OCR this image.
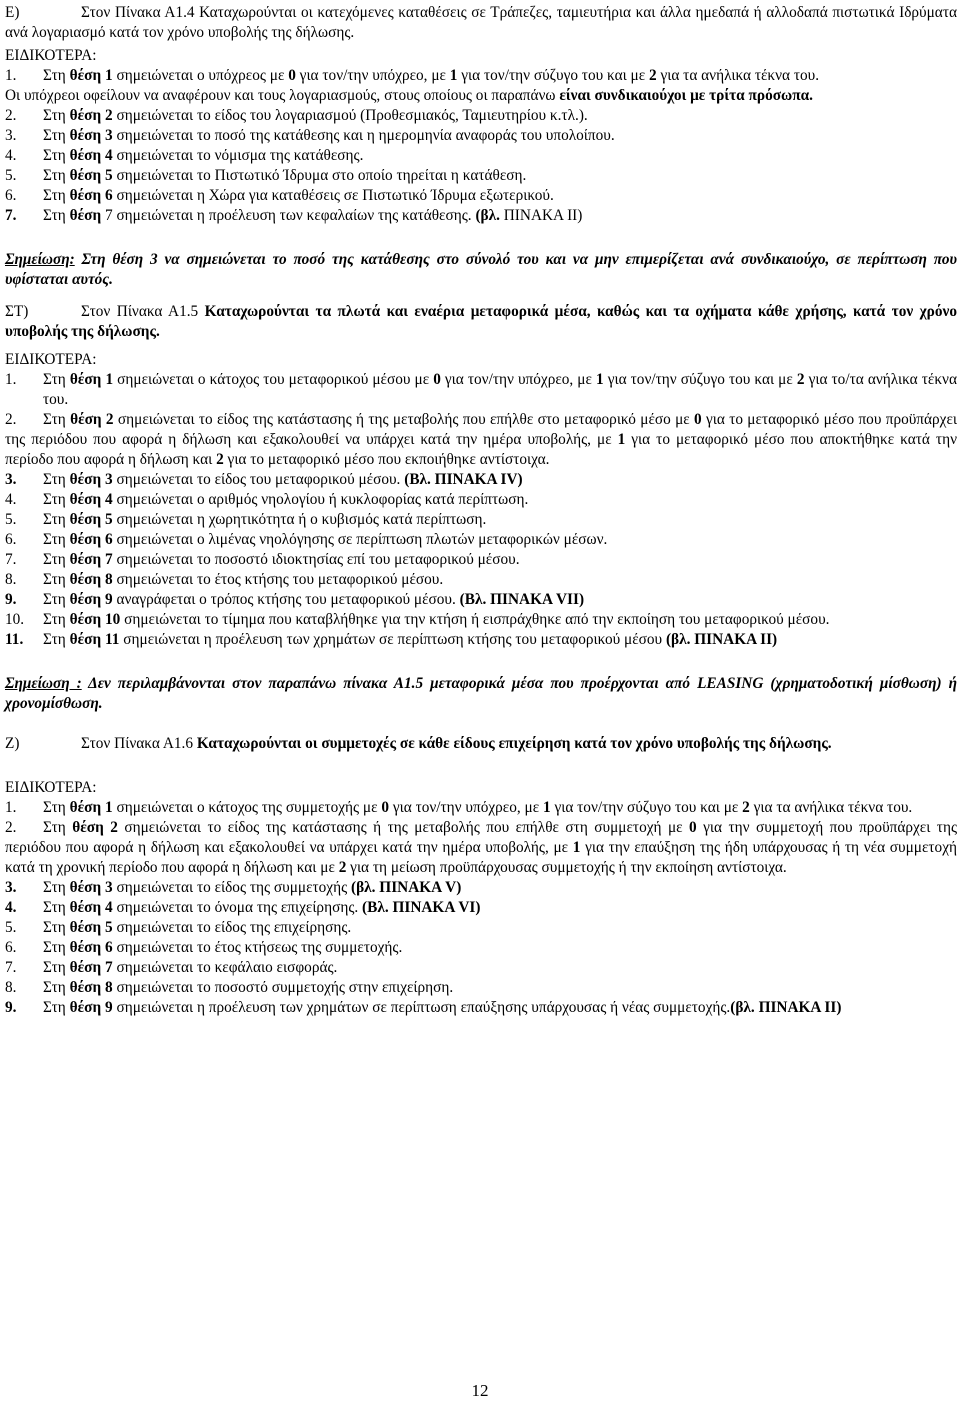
Ε)	Στον Πίνακα Α1.4 Καταχωρούνται οι κατεχόμενες καταθέσεις σε Τράπεζες, ταμιευτήρια και άλλα ημεδαπά ή αλλοδαπά πιστωτικά Ιδρύματα ανά λογαριασμό κατά τον χρόνο υποβολής της δήλωσης.

ΕΙΔΙΚΟΤΕΡΑ:

1.	Στη θέση 1 σημειώνεται ο υπόχρεος με 0 για τον/την υπόχρεο, με 1 για τον/την σύζυγο του και με 2 για τα ανήλικα τέκνα του.

Οι υπόχρεοι οφείλουν να αναφέρουν και τους λογαριασμούς, στους οποίους οι παραπάνω είναι συνδικαιούχοι με τρίτα πρόσωπα.

2.	Στη θέση 2 σημειώνεται το είδος του λογαριασμού (Προθεσμιακός, Ταμιευτηρίου κ.τλ.).
3.	Στη θέση 3 σημειώνεται το ποσό της κατάθεσης και η ημερομηνία αναφοράς του υπολοίπου.
4.	Στη θέση 4 σημειώνεται το νόμισμα της κατάθεσης.
5.	Στη θέση 5 σημειώνεται το Πιστωτικό Ίδρυμα στο οποίο τηρείται η κατάθεση.
6.	Στη θέση 6 σημειώνεται η Χώρα για καταθέσεις σε Πιστωτικό Ίδρυμα εξωτερικού.
7.	Στη θέση 7 σημειώνεται η προέλευση των κεφαλαίων της κατάθεσης. (βλ. ΠΙΝΑΚΑ ΙΙ)

Σημείωση: Στη θέση 3 να σημειώνεται το ποσό της κατάθεσης στο σύνολό του και να μην επιμερίζεται ανά συνδικαιούχο, σε περίπτωση που υφίσταται αυτός.

ΣΤ)	Στον Πίνακα Α1.5 Καταχωρούνται τα πλωτά και εναέρια μεταφορικά μέσα, καθώς και τα οχήματα κάθε χρήσης, κατά τον χρόνο υποβολής της δήλωσης.

ΕΙΔΙΚΟΤΕΡΑ:

1.	Στη θέση 1 σημειώνεται ο κάτοχος του μεταφορικού μέσου με 0 για τον/την υπόχρεο, με 1 για τον/την σύζυγο του και με 2 για το/τα ανήλικα τέκνα του.

2. Στη θέση 2 σημειώνεται το είδος της κατάστασης ή της μεταβολής που επήλθε στο μεταφορικό μέσο με 0 για το μεταφορικό μέσο που προϋπάρχει της περιόδου που αφορά η δήλωση και εξακολουθεί να υπάρχει κατά την ημέρα υποβολής, με 1 για το μεταφορικό μέσο που αποκτήθηκε κατά την περίοδο που αφορά η δήλωση και 2 για το μεταφορικό μέσο που εκποιήθηκε αντίστοιχα.

3.	Στη θέση 3 σημειώνεται το είδος του μεταφορικού μέσου. (Βλ. ΠΙΝΑΚΑ ΙV)
4.	Στη θέση 4 σημειώνεται ο αριθμός νηολογίου ή κυκλοφορίας κατά περίπτωση.
5.	Στη θέση 5 σημειώνεται η χωρητικότητα ή ο κυβισμός κατά περίπτωση.
6.	Στη θέση 6 σημειώνεται ο λιμένας νηολόγησης σε περίπτωση πλωτών μεταφορικών μέσων.
7.	Στη θέση 7 σημειώνεται το ποσοστό ιδιοκτησίας επί του μεταφορικού μέσου.
8.	Στη θέση 8 σημειώνεται το έτος κτήσης του μεταφορικού μέσου.
9.	Στη θέση 9 αναγράφεται ο τρόπος κτήσης του μεταφορικού μέσου. (Βλ. ΠΙΝΑΚΑ VII)

10. Στη θέση 10 σημειώνεται το τίμημα που καταβλήθηκε για την κτήση ή εισπράχθηκε από την εκποίηση του μεταφορικού μέσου.

11.	Στη θέση 11 σημειώνεται η προέλευση των χρημάτων σε περίπτωση κτήσης του μεταφορικού μέσου (βλ. ΠΙΝΑΚΑ ΙΙ)

Σημείωση : Δεν περιλαμβάνονται στον παραπάνω πίνακα Α1.5 μεταφορικά μέσα που προέρχονται από LEASING (χρηματοδοτική μίσθωση) ή χρονομίσθωση.

Ζ)	Στον Πίνακα Α1.6 Καταχωρούνται οι συμμετοχές σε κάθε είδους επιχείρηση κατά τον χρόνο υποβολής της δήλωσης.

ΕΙΔΙΚΟΤΕΡΑ:

1.	Στη θέση 1 σημειώνεται ο κάτοχος της συμμετοχής με 0 για τον/την υπόχρεο, με 1 για τον/την σύζυγο του και με 2 για τα ανήλικα τέκνα του.

2. Στη θέση 2 σημειώνεται το είδος της κατάστασης ή της μεταβολής που επήλθε στη συμμετοχή με 0 για την συμμετοχή που προϋπάρχει της περιόδου που αφορά η δήλωση και εξακολουθεί να υπάρχει κατά την ημέρα υποβολής, με 1 για την επαύξηση της ήδη υπάρχουσας ή τη νέα συμμετοχή κατά τη χρονική περίοδο που αφορά η δήλωση και με 2 για τη μείωση προϋπάρχουσας συμμετοχής ή την εκποίηση αντίστοιχα.

3.	Στη θέση 3 σημειώνεται το είδος της συμμετοχής (βλ. ΠΙΝΑΚΑ V)
4.	Στη θέση 4 σημειώνεται το όνομα της επιχείρησης. (Βλ. ΠΙΝΑΚΑ VI)
5.	Στη θέση 5 σημειώνεται το είδος της επιχείρησης.
6.	Στη θέση 6 σημειώνεται το έτος κτήσεως της συμμετοχής.
7.	Στη θέση 7 σημειώνεται το κεφάλαιο εισφοράς.
8.	Στη θέση 8 σημειώνεται το ποσοστό συμμετοχής στην επιχείρηση.

9. Στη θέση 9 σημειώνεται η προέλευση των χρημάτων σε περίπτωση επαύξησης υπάρχουσας ή νέας συμμετοχής.(βλ. ΠΙΝΑΚΑ ΙΙ)

12
